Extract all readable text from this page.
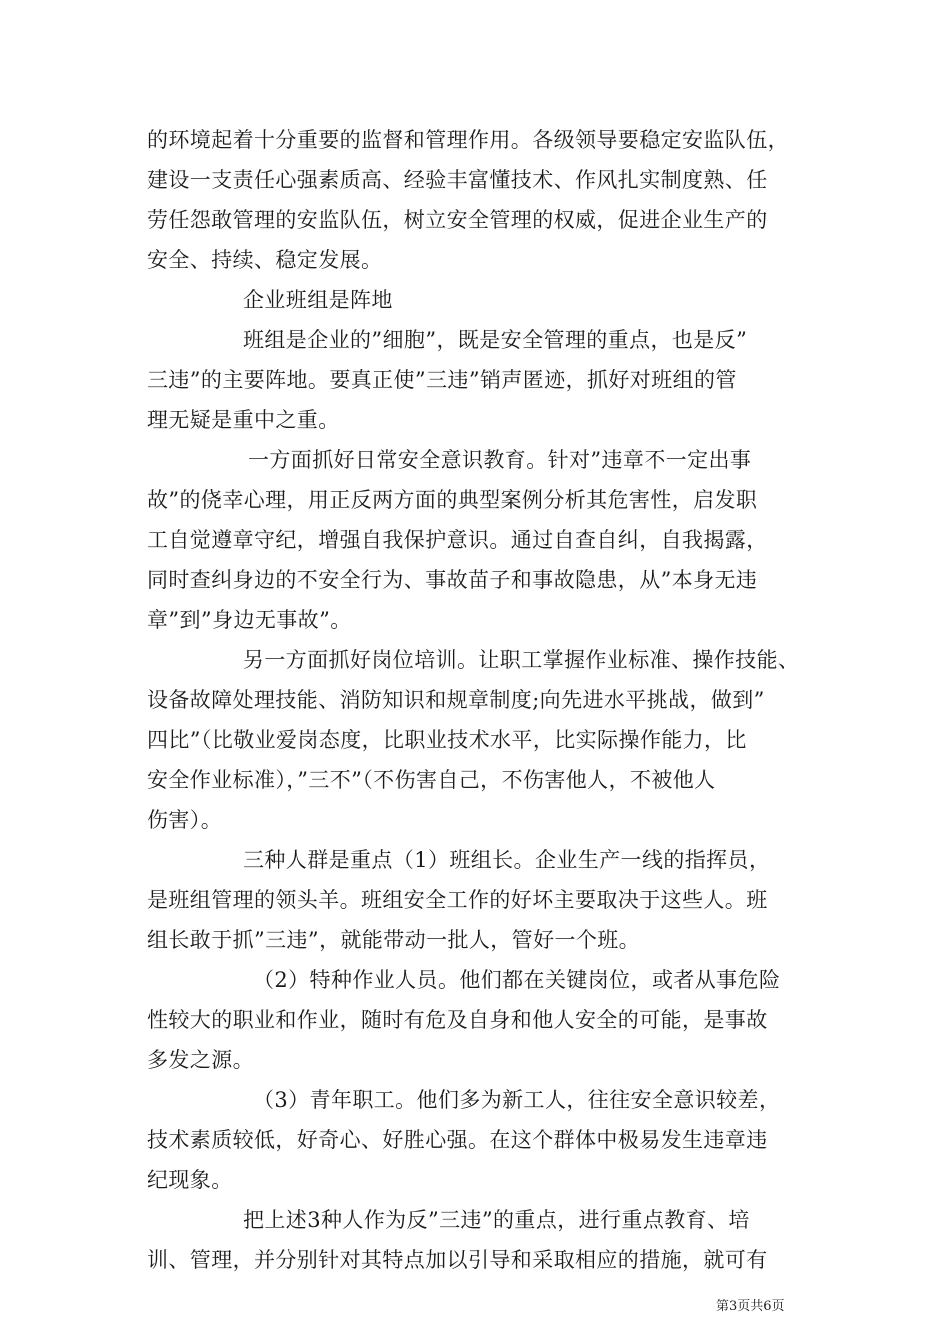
的环境起着十分重要的监督和管理作用。各级领导要稳定安监队伍，
建设一支责任心强素质高、经验丰富懂技术、作风扎实制度熟、任
劳任怨敢管理的安监队伍，树立安全管理的权威，促进企业生产的
安全、持续、稳定发展。
企业班组是阵地
班组是企业的”细胞”，既是安全管理的重点，也是反”
三违”的主要阵地。要真正使”三违”销声匿迹，抓好对班组的管
理无疑是重中之重。
一方面抓好日常安全意识教育。针对”违章不一定出事
故”的侥幸心理，用正反两方面的典型案例分析其危害性，启发职
工自觉遵章守纪，增强自我保护意识。通过自查自纠，自我揭露，
同时查纠身边的不安全行为、事故苗子和事故隐患，从”本身无违
章”到”身边无事故”。
另一方面抓好岗位培训。让职工掌握作业标准、操作技能、
设备故障处理技能、消防知识和规章制度;向先进水平挑战，做到”
四比”（比敬业爱岗态度，比职业技术水平，比实际操作能力，比
安全作业标准），”三不”（不伤害自己，不伤害他人，不被他人
伤害）。
三种人群是重点（1）班组长。企业生产一线的指挥员，
是班组管理的领头羊。班组安全工作的好坏主要取决于这些人。班
组长敢于抓”三违”，就能带动一批人，管好一个班。
（2）特种作业人员。他们都在关键岗位，或者从事危险
性较大的职业和作业，随时有危及自身和他人安全的可能，是事故
多发之源。
（3）青年职工。他们多为新工人，往往安全意识较差，
技术素质较低，好奇心、好胜心强。在这个群体中极易发生违章违
纪现象。
把上述3种人作为反”三违”的重点，进行重点教育、培
训、管理，并分别针对其特点加以引导和采取相应的措施，就可有
第3页共6页
